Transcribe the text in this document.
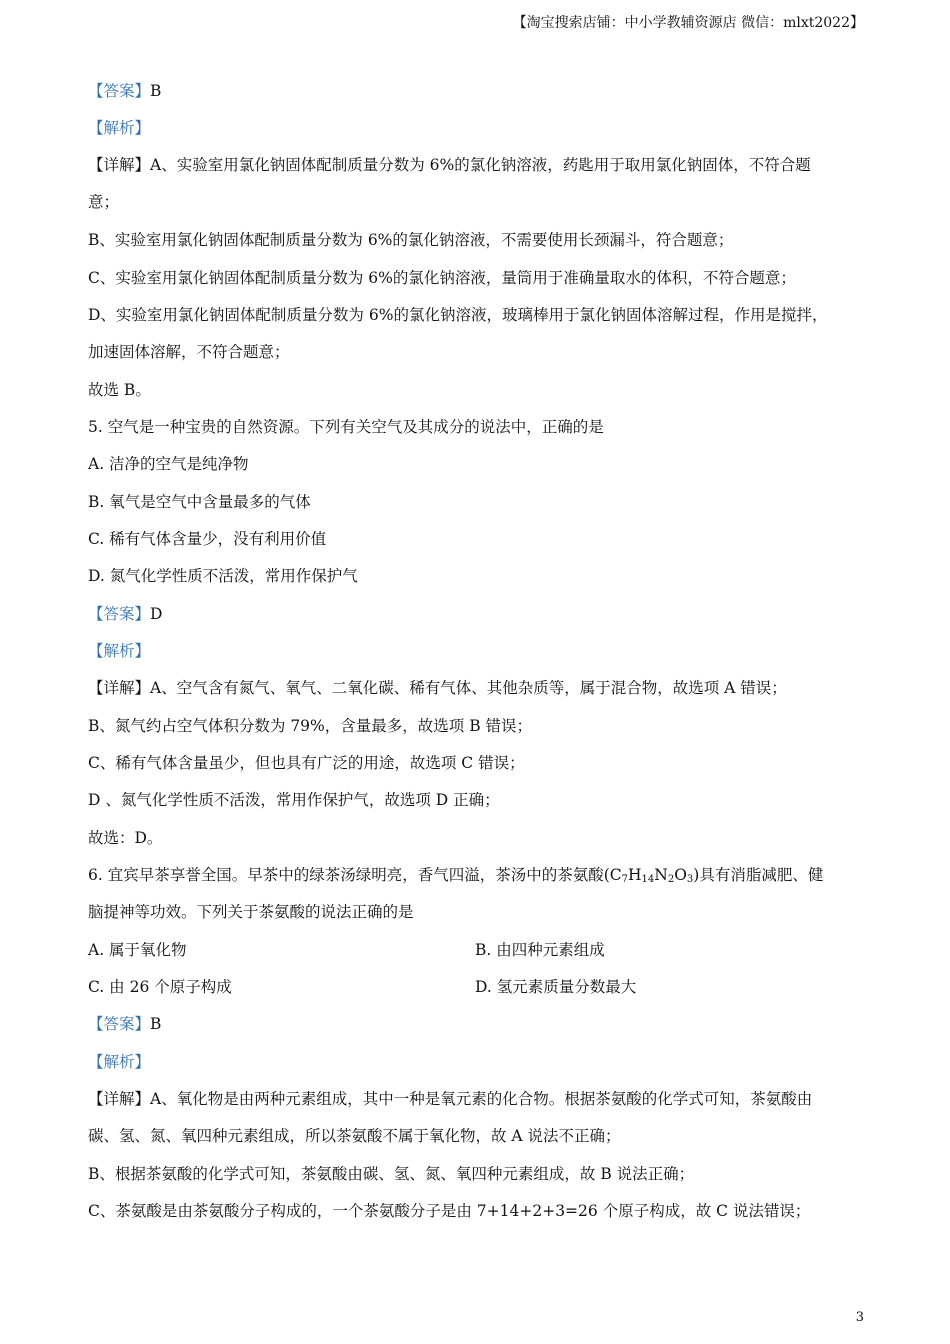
【淘宝搜索店铺：中小学教辅资源店 微信：mlxt2022】
【答案】B
【解析】
【详解】A、实验室用氯化钠固体配制质量分数为 6%的氯化钠溶液，药匙用于取用氯化钠固体，不符合题
意；
B、实验室用氯化钠固体配制质量分数为 6%的氯化钠溶液，不需要使用长颈漏斗，符合题意；
C、实验室用氯化钠固体配制质量分数为 6%的氯化钠溶液，量筒用于准确量取水的体积，不符合题意；
D、实验室用氯化钠固体配制质量分数为 6%的氯化钠溶液，玻璃棒用于氯化钠固体溶解过程，作用是搅拌，
加速固体溶解，不符合题意；
故选 B。
5. 空气是一种宝贵的自然资源。下列有关空气及其成分的说法中，正确的是
A. 洁净的空气是纯净物
B. 氧气是空气中含量最多的气体
C. 稀有气体含量少，没有利用价值
D. 氮气化学性质不活泼，常用作保护气
【答案】D
【解析】
【详解】A、空气含有氮气、氧气、二氧化碳、稀有气体、其他杂质等，属于混合物，故选项 A 错误；
B、氮气约占空气体积分数为 79%，含量最多，故选项 B 错误；
C、稀有气体含量虽少，但也具有广泛的用途，故选项 C 错误；
D 、氮气化学性质不活泼，常用作保护气，故选项 D 正确；
故选：D。
6. 宜宾早茶享誉全国。早茶中的绿茶汤绿明亮，香气四溢，茶汤中的茶氨酸$(C_7H_{14}N_2O_3)$具有消脂减肥、健
脑提神等功效。下列关于茶氨酸的说法正确的是
A. 属于氧化物	B. 由四种元素组成
C. 由 26 个原子构成	D. 氢元素质量分数最大
【答案】B
【解析】
【详解】A、氧化物是由两种元素组成，其中一种是氧元素的化合物。根据茶氨酸的化学式可知，茶氨酸由
碳、氢、氮、氧四种元素组成，所以茶氨酸不属于氧化物，故 A 说法不正确；
B、根据茶氨酸的化学式可知，茶氨酸由碳、氢、氮、氧四种元素组成，故 B 说法正确；
C、茶氨酸是由茶氨酸分子构成的，一个茶氨酸分子是由 7+14+2+3=26 个原子构成，故 C 说法错误；
3
